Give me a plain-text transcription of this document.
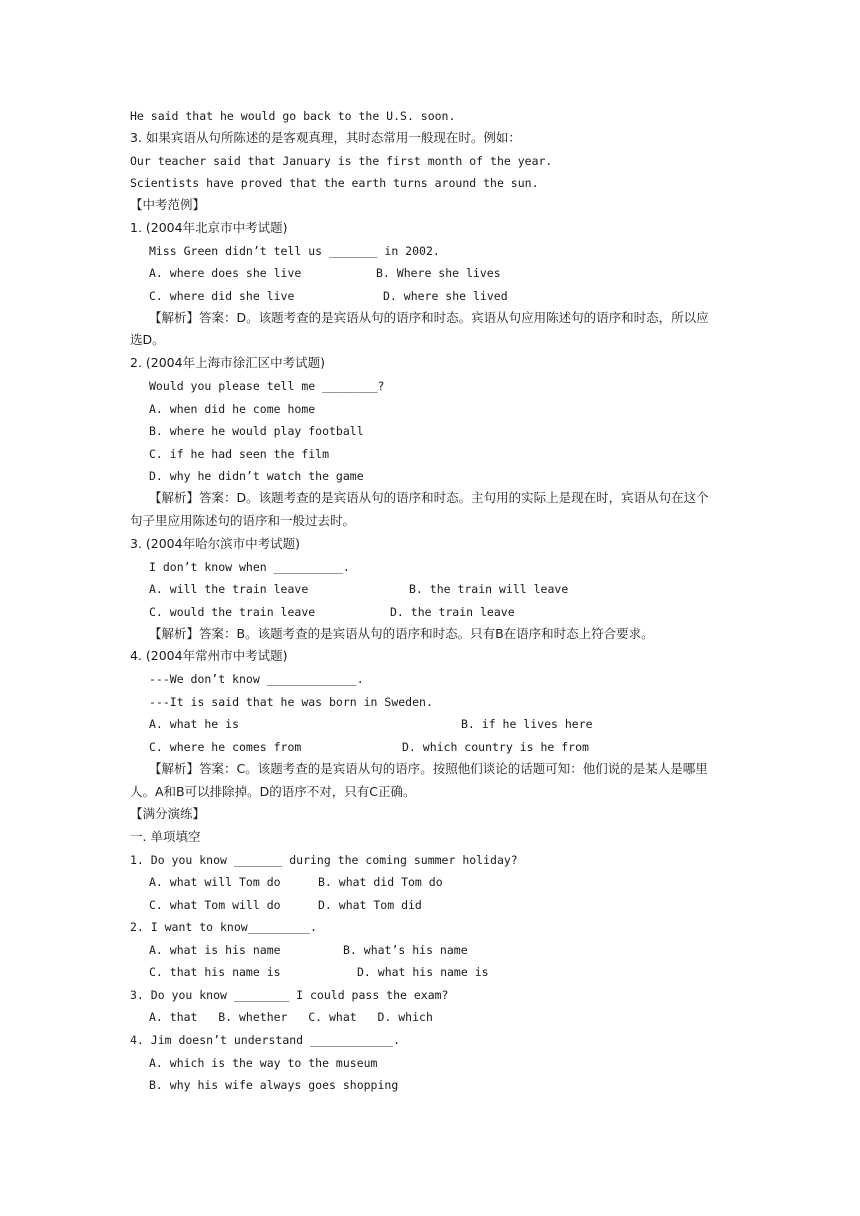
He said that he would go back to the U.S. soon.
3. 如果宾语从句所陈述的是客观真理，其时态常用一般现在时。例如：
Our teacher said that January is the first month of the year.
Scientists have proved that the earth turns around the sun.
【中考范例】
1. (2004年北京市中考试题)
Miss Green didn’t tell us _______ in 2002.
A. where does she live	B. Where she lives
C. where did she live	D. where she lived
【解析】答案：D。该题考查的是宾语从句的语序和时态。宾语从句应用陈述句的语序和时态，所以应
选D。
2. (2004年上海市徐汇区中考试题)
Would you please tell me ________?
A. when did he come home
B. where he would play football
C. if he had seen the film
D. why he didn’t watch the game
【解析】答案：D。该题考查的是宾语从句的语序和时态。主句用的实际上是现在时，宾语从句在这个
句子里应用陈述句的语序和一般过去时。
3. (2004年哈尔滨市中考试题)
I don’t know when __________.
A. will the train leave	B. the train will leave
C. would the train leave	D. the train leave
【解析】答案：B。该题考查的是宾语从句的语序和时态。只有B在语序和时态上符合要求。
4. (2004年常州市中考试题)
---We don’t know _____________.
---It is said that he was born in Sweden.
A. what he is	B. if he lives here
C. where he comes from	D. which country is he from
【解析】答案：C。该题考查的是宾语从句的语序。按照他们谈论的话题可知：他们说的是某人是哪里
人。A和B可以排除掉。D的语序不对，只有C正确。
【满分演练】
一. 单项填空
1. Do you know _______ during the coming summer holiday?
A. what will Tom do	B. what did Tom do
C. what Tom will do	D. what Tom did
2. I want to know_________.
A. what is his name	B. what’s his name
C. that his name is	D. what his name is
3. Do you know ________ I could pass the exam?
A. that   B. whether   C. what   D. which
4. Jim doesn’t understand ____________.
A. which is the way to the museum
B. why his wife always goes shopping
